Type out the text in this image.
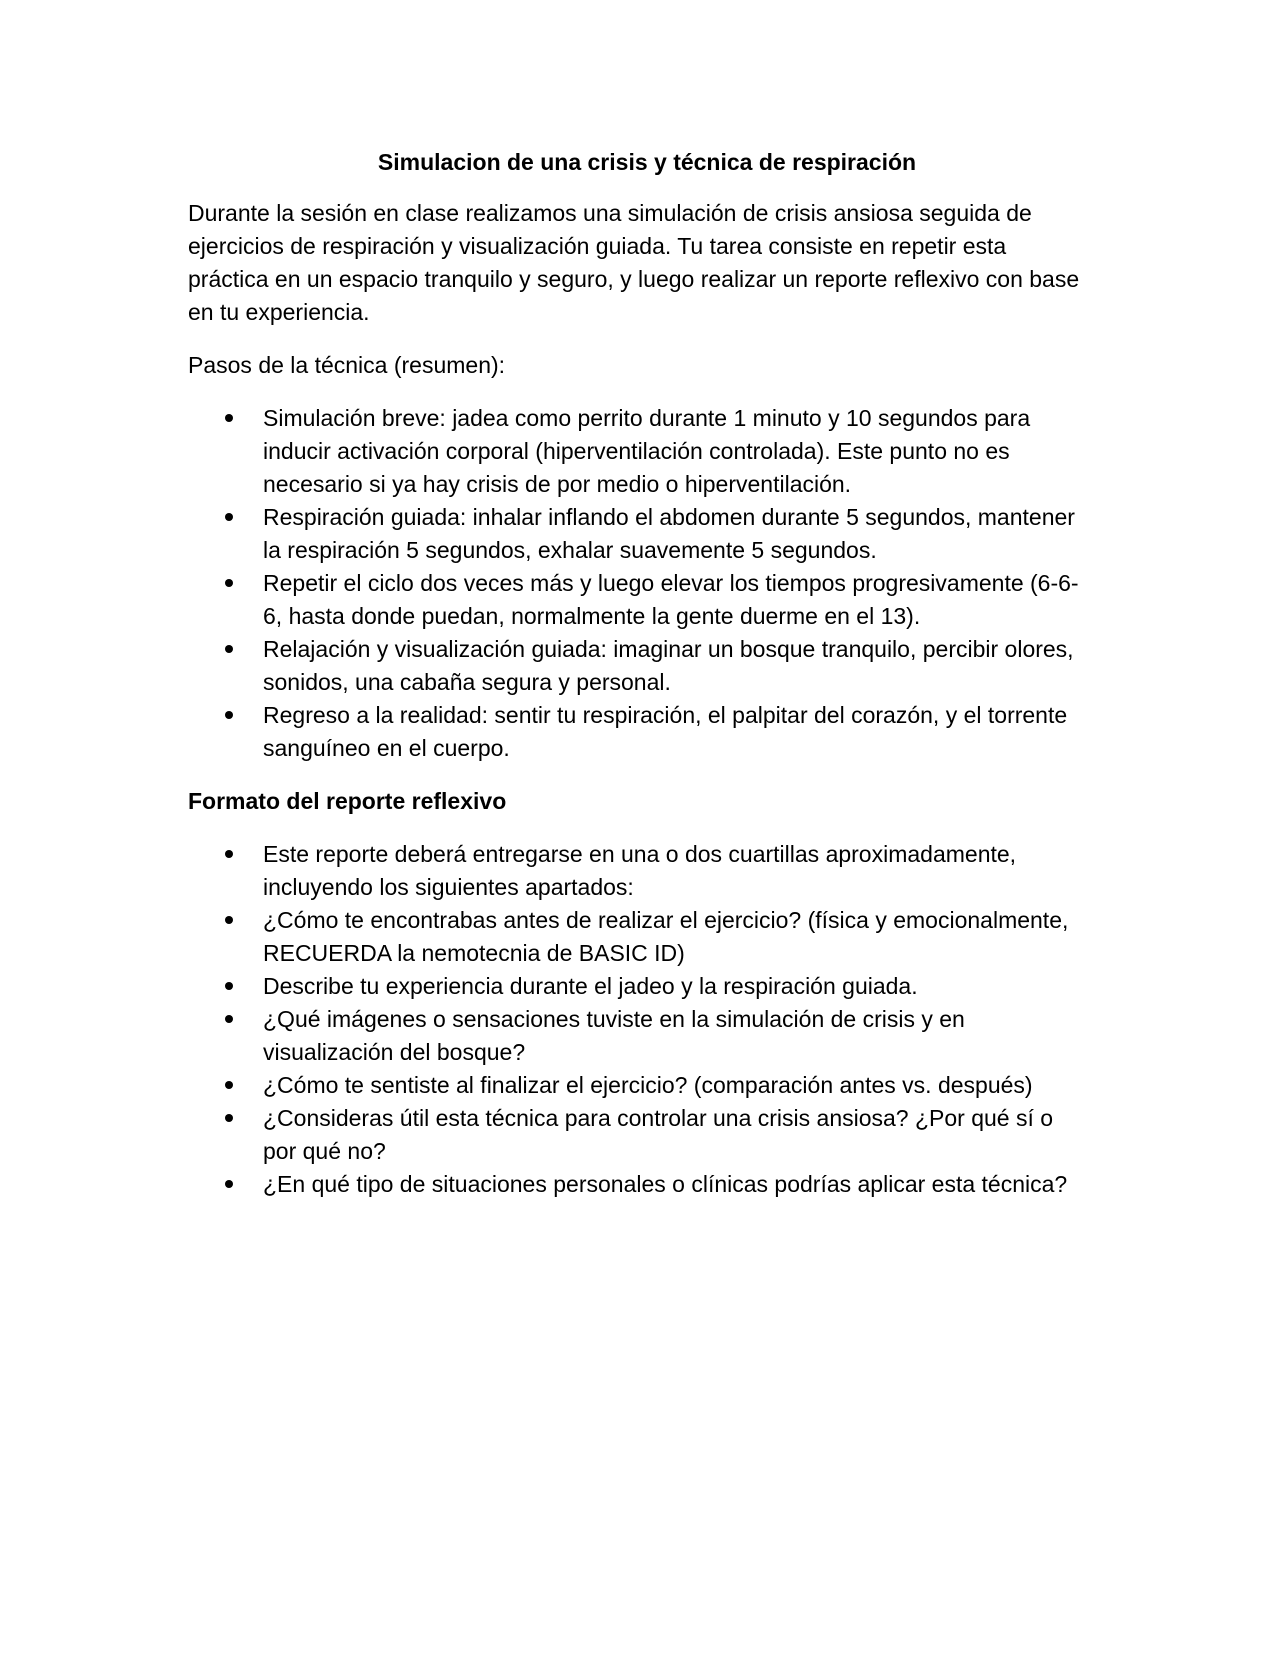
Simulacion de una crisis y técnica de respiración

Durante la sesión en clase realizamos una simulación de crisis ansiosa seguida de ejercicios de respiración y visualización guiada. Tu tarea consiste en repetir esta práctica en un espacio tranquilo y seguro, y luego realizar un reporte reflexivo con base en tu experiencia.

Pasos de la técnica (resumen):

Simulación breve: jadea como perrito durante 1 minuto y 10 segundos para inducir activación corporal (hiperventilación controlada). Este punto no es necesario si ya hay crisis de por medio o hiperventilación.
Respiración guiada: inhalar inflando el abdomen durante 5 segundos, mantener la respiración 5 segundos, exhalar suavemente 5 segundos.
Repetir el ciclo dos veces más y luego elevar los tiempos progresivamente (6-6-6, hasta donde puedan, normalmente la gente duerme en el 13).
Relajación y visualización guiada: imaginar un bosque tranquilo, percibir olores, sonidos, una cabaña segura y personal.
Regreso a la realidad: sentir tu respiración, el palpitar del corazón, y el torrente sanguíneo en el cuerpo.

Formato del reporte reflexivo

Este reporte deberá entregarse en una o dos cuartillas aproximadamente, incluyendo los siguientes apartados:
¿Cómo te encontrabas antes de realizar el ejercicio? (física y emocionalmente, RECUERDA la nemotecnia de BASIC ID)
Describe tu experiencia durante el jadeo y la respiración guiada.
¿Qué imágenes o sensaciones tuviste en la simulación de crisis y en visualización del bosque?
¿Cómo te sentiste al finalizar el ejercicio? (comparación antes vs. después)
¿Consideras útil esta técnica para controlar una crisis ansiosa? ¿Por qué sí o por qué no?
¿En qué tipo de situaciones personales o clínicas podrías aplicar esta técnica?
